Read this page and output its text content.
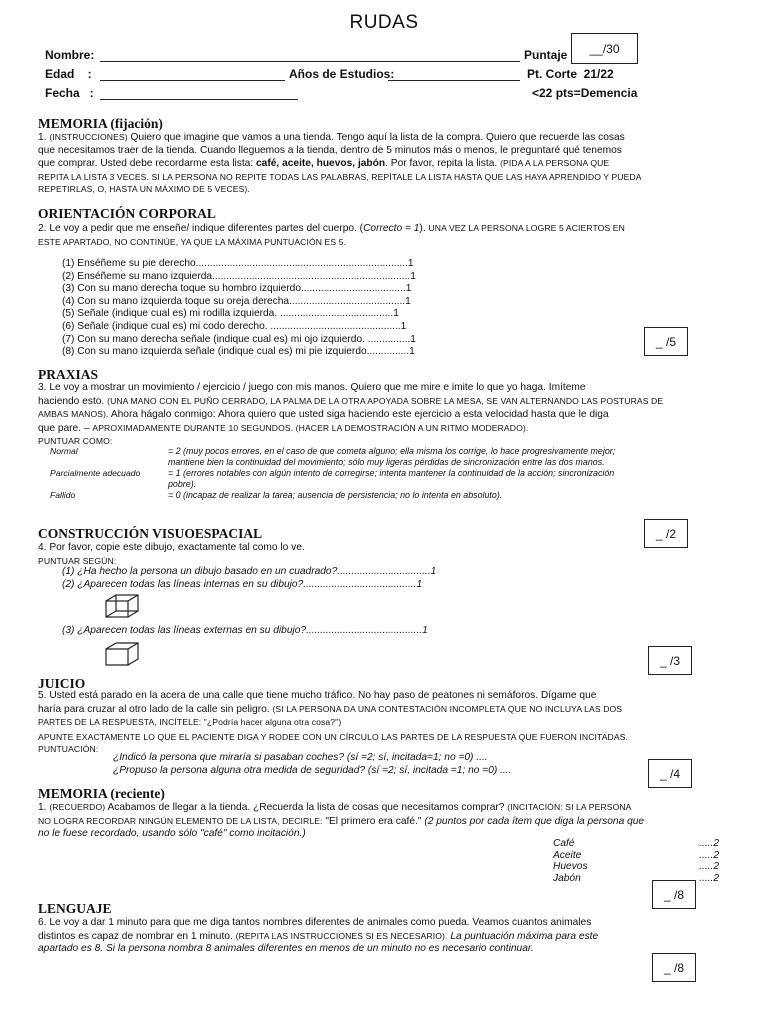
RUDAS
Nombre:	Puntaje	__/30
Edad    :	Años de Estudios:	Pt. Corte  21/22
Fecha   :	<22 pts=Demencia
MEMORIA (fijación)
1. (INSTRUCCIONES) Quiero que imagine que vamos a una tienda. Tengo aquí la lista de la compra. Quiero que recuerde las cosas
que necesitamos traer de la tienda. Cuando lleguemos a la tienda, dentro de 5 minutos más o menos, le preguntaré qué tenemos
que comprar. Usted debe recordarme esta lista: café, aceite, huevos, jabón. Por favor, repita la lista. (PIDA A LA PERSONA QUE
REPITA LA LISTA 3 VECES. SI LA PERSONA NO REPITE TODAS LAS PALABRAS, REPÍTALE LA LISTA HASTA QUE LAS HAYA APRENDIDO Y PUEDA
REPETIRLAS, O, HASTA UN MÁXIMO DE 5 VECES).
ORIENTACIÓN CORPORAL
2. Le voy a pedir que me enseñe/ indique diferentes partes del cuerpo. (Correcto = 1). UNA VEZ LA PERSONA LOGRE 5 ACIERTOS EN
ESTE APARTADO, NO CONTINÚE, YA QUE LA MÁXIMA PUNTUACIÓN ES 5.
(1) Enséñeme su pie derecho...........................................................................1
(2) Enséñeme su mano izquierda......................................................................1
(3) Con su mano derecha toque su hombro izquierdo.....................................1
(4) Con su mano izquierda toque su oreja derecha.........................................1
(5) Señale (indique cual es) mi rodilla izquierda. ........................................1
(6) Señale (indique cual es) mi codo derecho. ..............................................1
(7) Con su mano derecha señale (indique cual es) mi ojo izquierdo. ...............1
(8) Con su mano izquierda señale (indique cual es) mi pie izquierdo...............1
_ /5
PRAXIAS
3. Le voy a mostrar un movimiento / ejercicio / juego con mis manos. Quiero que me mire e imite lo que yo haga. Imíteme
haciendo esto. (UNA MANO CON EL PUÑO CERRADO, LA PALMA DE LA OTRA APOYADA SOBRE LA MESA, SE VAN ALTERNANDO LAS POSTURAS DE
AMBAS MANOS). Ahora hágalo conmigo: Ahora quiero que usted siga haciendo este ejercicio a esta velocidad hasta que le diga
que pare. – APROXIMADAMENTE DURANTE 10 SEGUNDOS. (HACER LA DEMOSTRACIÓN A UN RITMO MODERADO).
PUNTUAR COMO:
Normal	= 2 (muy pocos errores, en el caso de que cometa alguno; ella misma los corrige, lo hace progresivamente mejor;
mantiene bien la continuidad del movimiento; sólo muy ligeras pérdidas de sincronización entre las dos manos.
Parcialmente adecuado	= 1 (errores notables con algún intento de corregirse; intenta mantener la continuidad de la acción; sincronización
pobre).
Fallido	= 0 (incapaz de realizar la tarea; ausencia de persistencia; no lo intenta en absoluto).
CONSTRUCCIÓN VISUOESPACIAL	_ /2
4. Por favor, copie este dibujo, exactamente tal como lo ve.
PUNTUAR SEGÚN:
(1) ¿Ha hecho la persona un dibujo basado en un cuadrado?.................................1
(2) ¿Aparecen todas las líneas internas en su dibujo?........................................1
(3) ¿Aparecen todas las líneas externas en su dibujo?.........................................1
_ /3
JUICIO
5. Usted está parado en la acera de una calle que tiene mucho tráfico. No hay paso de peatones ni semáforos. Dígame que
haría para cruzar al otro lado de la calle sin peligro. (SI LA PERSONA DA UNA CONTESTACIÓN INCOMPLETA QUE NO INCLUYA LAS DOS
PARTES DE LA RESPUESTA, INCÍTELE: "¿Podría hacer alguna otra cosa?")
APUNTE EXACTAMENTE LO QUE EL PACIENTE DIGA Y RODEE CON UN CÍRCULO LAS PARTES DE LA RESPUESTA QUE FUERON INCITADAS.
PUNTUACIÓN:
¿Indicó la persona que miraría si pasaban coches? (sí =2; sí, incitada=1; no =0) ....
¿Propuso la persona alguna otra medida de seguridad? (sí =2; sí, incitada =1; no =0) ....	_ /4
MEMORIA (reciente)
1. (RECUERDO) Acabamos de llegar a la tienda. ¿Recuerda la lista de cosas que necesitamos comprar? (INCITACIÓN: SI LA PERSONA
NO LOGRA RECORDAR NINGÚN ELEMENTO DE LA LISTA, DECIRLE: "El primero era café." (2 puntos por cada ítem que diga la persona que
no le fuese recordado, usando sólo "café" como incitación.)
Café	.....2
Aceite	.....2
Huevos	.....2
Jabón	.....2
_ /8
LENGUAJE
6. Le voy a dar 1 minuto para que me diga tantos nombres diferentes de animales como pueda. Veamos cuantos animales
distintos es capaz de nombrar en 1 minuto. (REPITA LAS INSTRUCCIONES SI ES NECESARIO). La puntuación máxima para este
apartado es 8. Si la persona nombra 8 animales diferentes en menos de un minuto no es necesario continuar.
_ /8
